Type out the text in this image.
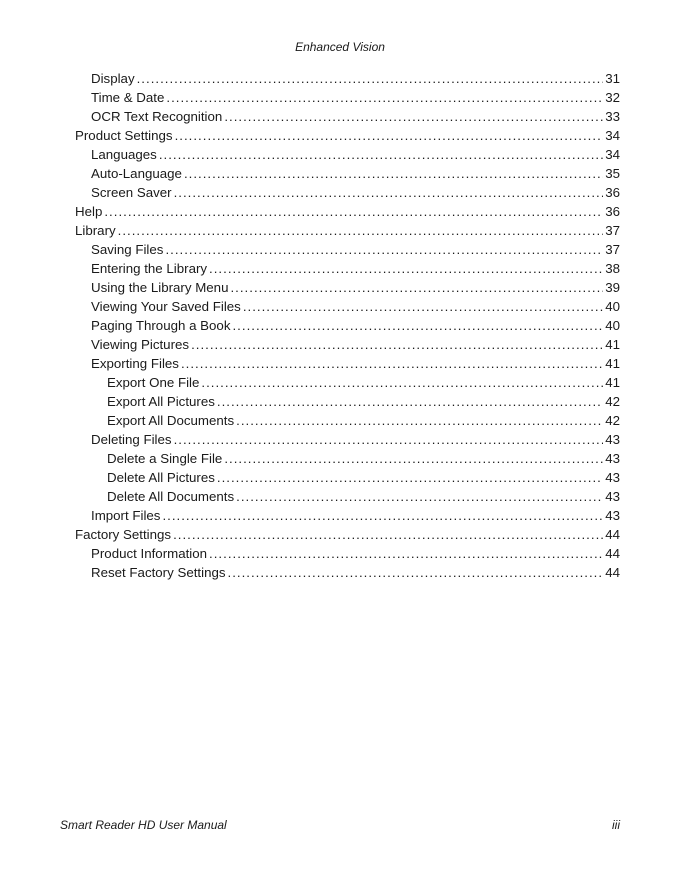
Enhanced Vision
Display .....	31
Time & Date .....	32
OCR Text Recognition .....	33
Product Settings .....	34
Languages .....	34
Auto-Language .....	35
Screen Saver .....	36
Help .....	36
Library .....	37
Saving Files .....	37
Entering the Library .....	38
Using the Library Menu .....	39
Viewing Your Saved Files .....	40
Paging Through a Book .....	40
Viewing Pictures .....	41
Exporting Files .....	41
Export One File .....	41
Export All Pictures .....	42
Export All Documents .....	42
Deleting Files .....	43
Delete a Single File .....	43
Delete All Pictures .....	43
Delete All Documents .....	43
Import Files .....	43
Factory Settings .....	44
Product Information .....	44
Reset Factory Settings .....	44
Smart Reader HD User Manual	iii
